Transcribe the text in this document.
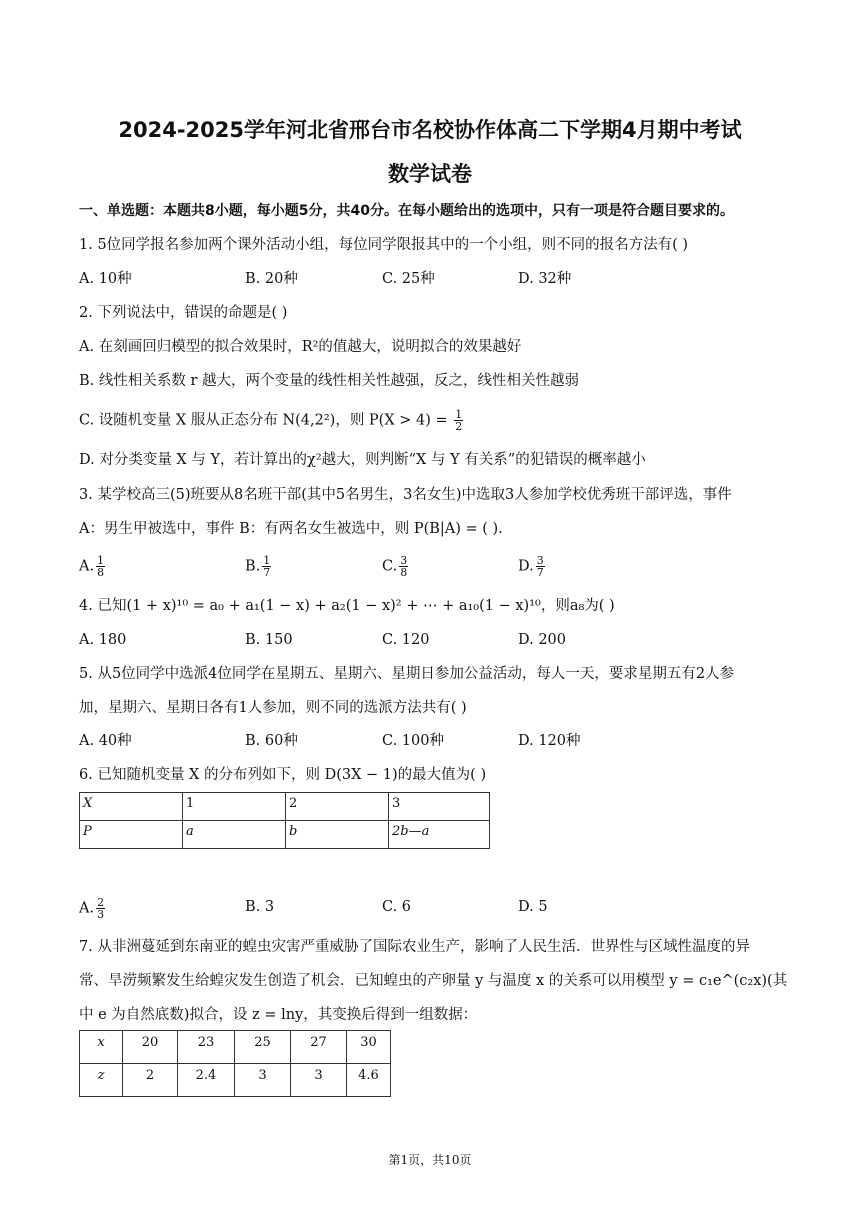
2024-2025学年河北省邢台市名校协作体高二下学期4月期中考试
数学试卷
一、单选题：本题共8小题，每小题5分，共40分。在每小题给出的选项中，只有一项是符合题目要求的。
1. 5位同学报名参加两个课外活动小组，每位同学限报其中的一个小组，则不同的报名方法有( )
A. 10种	B. 20种	C. 25种	D. 32种
2. 下列说法中，错误的命题是( )
A. 在刻画回归模型的拟合效果时，R²的值越大，说明拟合的效果越好
B. 线性相关系数 r 越大，两个变量的线性相关性越强，反之，线性相关性越弱
C. 设随机变量 X 服从正态分布 N(4,2²)，则 $P(X > 4) = \frac{1}{2}$
D. 对分类变量 X 与 Y，若计算出的χ²越大，则判断“X 与 Y 有关系”的犯错误的概率越小
3. 某学校高三(5)班要从8名班干部(其中5名男生，3名女生)中选取3人参加学校优秀班干部评选，事件
A：男生甲被选中，事件 B：有两名女生被选中，则 P(B|A) = ( ).
A. $\frac{1}{8}$	B. $\frac{1}{7}$	C. $\frac{3}{8}$	D. $\frac{3}{7}$
4. 已知(1 + x)¹⁰ = a₀ + a₁(1 − x) + a₂(1 − x)² + ⋯ + a₁₀(1 − x)¹⁰，则a₈为( )
A. 180	B. 150	C. 120	D. 200
5. 从5位同学中选派4位同学在星期五、星期六、星期日参加公益活动，每人一天，要求星期五有2人参
加，星期六、星期日各有1人参加，则不同的选派方法共有( )
A. 40种	B. 60种	C. 100种	D. 120种
6. 已知随机变量 X 的分布列如下，则 D(3X − 1)的最大值为( )
X	1	2	3
P	a	b	2b—a
A. $\frac{2}{3}$	B. 3	C. 6	D. 5
7. 从非洲蔓延到东南亚的蝗虫灾害严重威胁了国际农业生产，影响了人民生活．世界性与区域性温度的异
常、旱涝频繁发生给蝗灾发生创造了机会．已知蝗虫的产卵量 y 与温度 x 的关系可以用模型 y = c₁e^(c₂x)(其
中 e 为自然底数)拟合，设 z = lny，其变换后得到一组数据：
x	20	23	25	27	30
z	2	2.4	3	3	4.6
第1页，共10页
